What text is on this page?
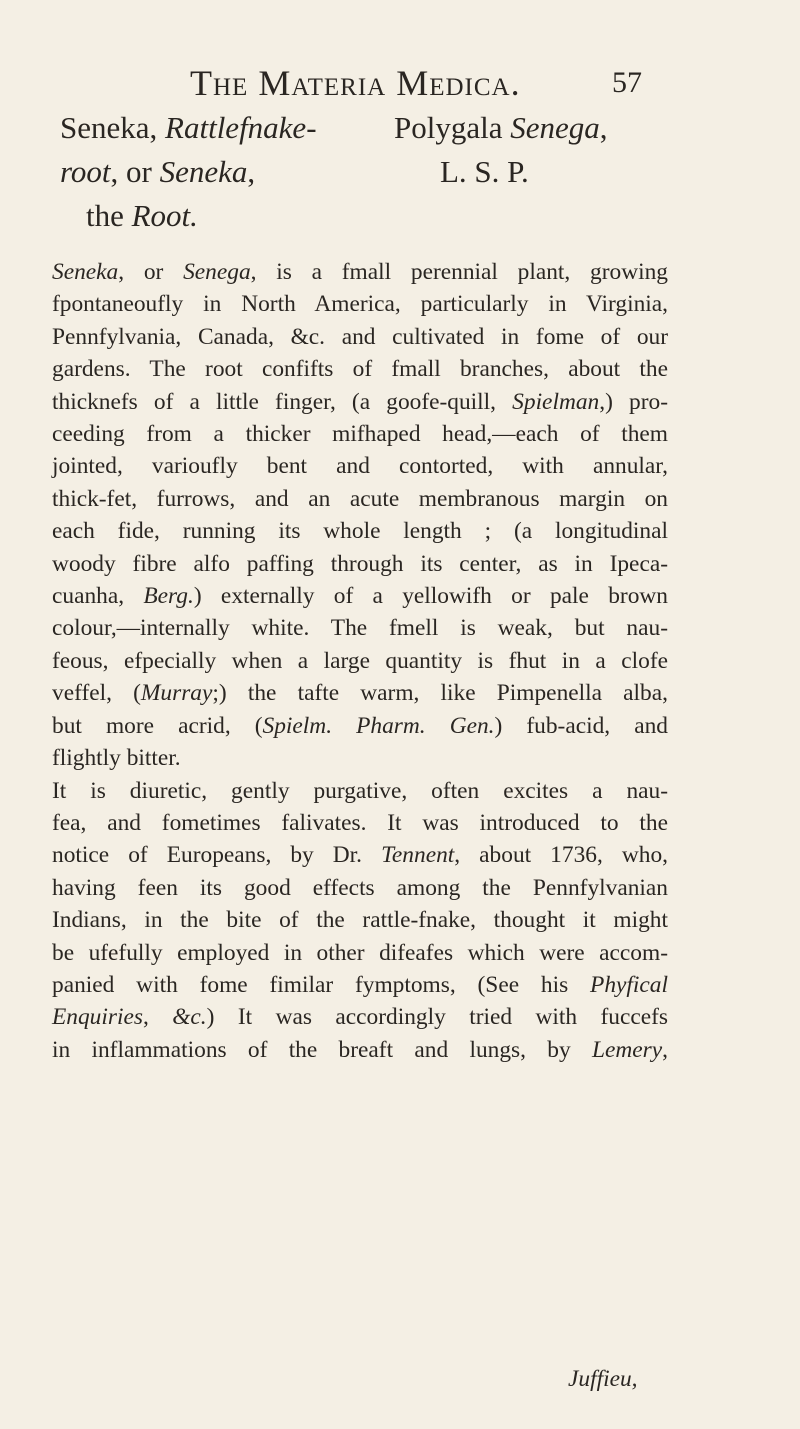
The Materia Medica.	57
Seneka, Rattlefnake-
root, or Seneka,
the Root.
Polygala Senega,
L. S. P.
Seneka, or Senega, is a fmall perennial plant, growing
fpontaneoufly in North America, particularly in Virginia,
Pennfylvania, Canada, &c. and cultivated in fome of our
gardens. The root confifts of fmall branches, about the
thicknefs of a little finger, (a goofe-quill, Spielman,) pro-
ceeding from a thicker mifhaped head,—each of them
jointed, varioufly bent and contorted, with annular,
thick-fet, furrows, and an acute membranous margin on
each fide, running its whole length ; (a longitudinal
woody fibre alfo paffing through its center, as in Ipeca-
cuanha, Berg.) externally of a yellowifh or pale brown
colour,—internally white. The fmell is weak, but nau-
feous, efpecially when a large quantity is fhut in a clofe
veffel, (Murray;) the tafte warm, like Pimpenella alba,
but more acrid, (Spielm. Pharm. Gen.) fub-acid, and
flightly bitter.
It is diuretic, gently purgative, often excites a nau-
fea, and fometimes falivates. It was introduced to the
notice of Europeans, by Dr. Tennent, about 1736, who,
having feen its good effects among the Pennfylvanian
Indians, in the bite of the rattle-fnake, thought it might
be ufefully employed in other difeafes which were accom-
panied with fome fimilar fymptoms, (See his Phyfical
Enquiries, &c.) It was accordingly tried with fuccefs
in inflammations of the breaft and lungs, by Lemery,
Juffieu,
